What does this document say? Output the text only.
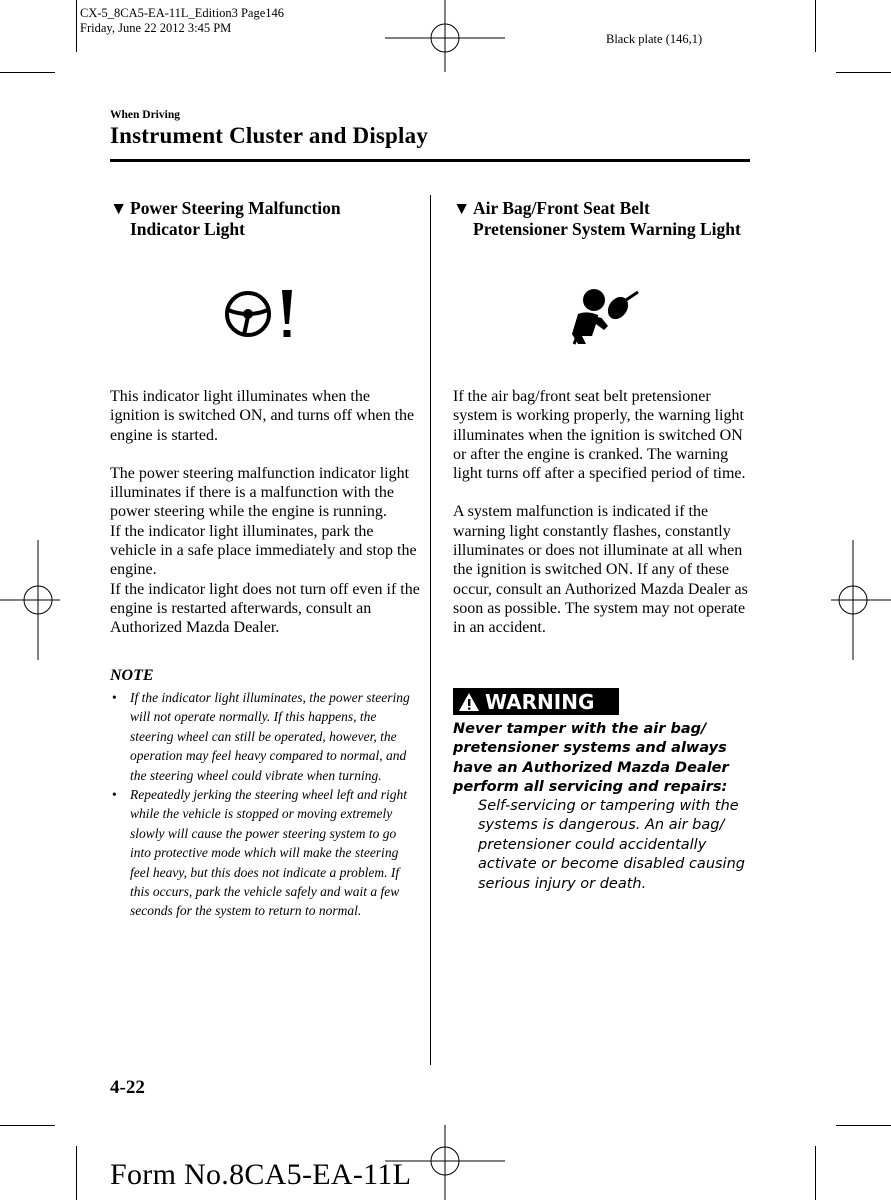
CX-5_8CA5-EA-11L_Edition3 Page146
Friday, June 22 2012 3:45 PM
Black plate (146,1)
When Driving
Instrument Cluster and Display
▼ Power Steering Malfunction
Indicator Light

This indicator light illuminates when the ignition is switched ON, and turns off when the engine is started.

The power steering malfunction indicator light illuminates if there is a malfunction with the power steering while the engine is running.

If the indicator light illuminates, park the vehicle in a safe place immediately and stop the engine.

If the indicator light does not turn off even if the engine is restarted afterwards, consult an Authorized Mazda Dealer.

NOTE
• If the indicator light illuminates, the power steering will not operate normally. If this happens, the steering wheel can still be operated, however, the operation may feel heavy compared to normal, and the steering wheel could vibrate when turning.
• Repeatedly jerking the steering wheel left and right while the vehicle is stopped or moving extremely slowly will cause the power steering system to go into protective mode which will make the steering feel heavy, but this does not indicate a problem. If this occurs, park the vehicle safely and wait a few seconds for the system to return to normal.
▼ Air Bag/Front Seat Belt
Pretensioner System Warning Light

If the air bag/front seat belt pretensioner system is working properly, the warning light illuminates when the ignition is switched ON or after the engine is cranked. The warning light turns off after a specified period of time.

A system malfunction is indicated if the warning light constantly flashes, constantly illuminates or does not illuminate at all when the ignition is switched ON. If any of these occur, consult an Authorized Mazda Dealer as soon as possible. The system may not operate in an accident.

WARNING
Never tamper with the air bag/ pretensioner systems and always have an Authorized Mazda Dealer perform all servicing and repairs:
Self-servicing or tampering with the systems is dangerous. An air bag/ pretensioner could accidentally activate or become disabled causing serious injury or death.
4-22
Form No.8CA5-EA-11L
